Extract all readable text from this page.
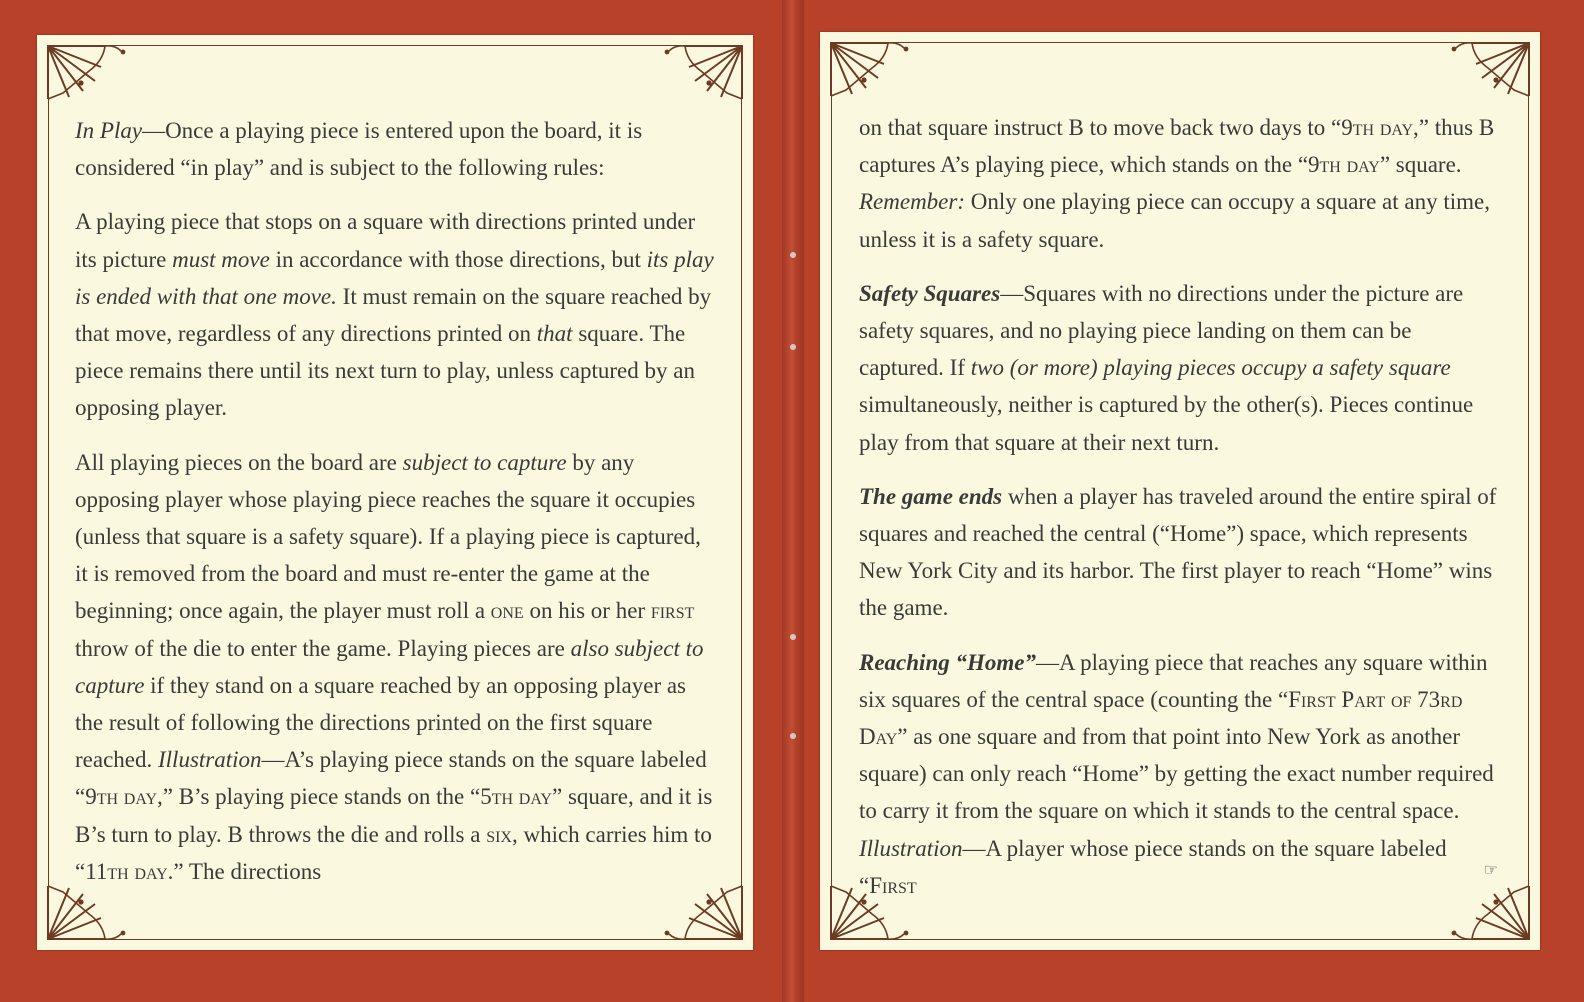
In Play—Once a playing piece is entered upon the board, it is considered “in play” and is subject to the following rules:

A playing piece that stops on a square with directions printed under its picture must move in accordance with those directions, but its play is ended with that one move. It must remain on the square reached by that move, regardless of any directions printed on that square. The piece remains there until its next turn to play, unless captured by an opposing player.

All playing pieces on the board are subject to capture by any opposing player whose playing piece reaches the square it occupies (unless that square is a safety square). If a playing piece is captured, it is removed from the board and must re-enter the game at the beginning; once again, the player must roll a one on his or her first throw of the die to enter the game. Playing pieces are also subject to capture if they stand on a square reached by an opposing player as the result of following the directions printed on the first square reached. Illustration—A’s playing piece stands on the square labeled “9th day,” B’s playing piece stands on the “5th day” square, and it is B’s turn to play. B throws the die and rolls a six, which carries him to “11th day.” The directions

on that square instruct B to move back two days to “9th day,” thus B captures A’s playing piece, which stands on the “9th day” square. Remember: Only one playing piece can occupy a square at any time, unless it is a safety square.

Safety Squares—Squares with no directions under the picture are safety squares, and no playing piece landing on them can be captured. If two (or more) playing pieces occupy a safety square simultaneously, neither is captured by the other(s). Pieces continue play from that square at their next turn.

The game ends when a player has traveled around the entire spiral of squares and reached the central (“Home”) space, which represents New York City and its harbor. The first player to reach “Home” wins the game.

Reaching “Home”—A playing piece that reaches any square within six squares of the central space (counting the “First Part of 73rd Day” as one square and from that point into New York as another square) can only reach “Home” by getting the exact number required to carry it from the square on which it stands to the central space. Illustration—A player whose piece stands on the square labeled “First

☞
